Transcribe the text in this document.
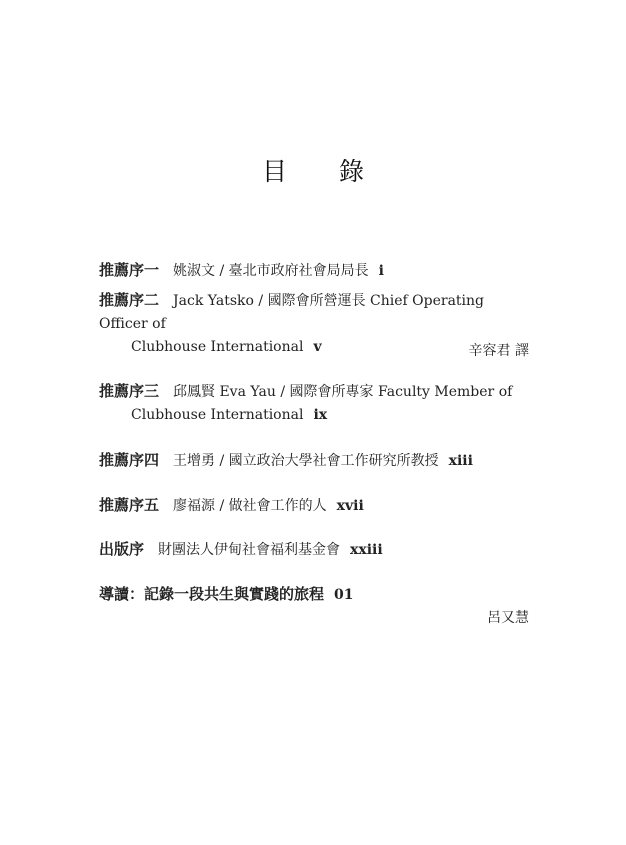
目 錄
推薦序一 姚淑文 / 臺北市政府社會局局長 i
推薦序二 Jack Yatsko / 國際會所營運長 Chief Operating Officer of
Clubhouse International v	辛容君 譯
推薦序三 邱鳳賢 Eva Yau / 國際會所專家 Faculty Member of
Clubhouse International ix
推薦序四 王增勇 / 國立政治大學社會工作研究所教授 xiii
推薦序五 廖福源 / 做社會工作的人 xvii
出版序 財團法人伊甸社會福利基金會 xxiii
導讀：記錄一段共生與實踐的旅程 01
呂又慧
